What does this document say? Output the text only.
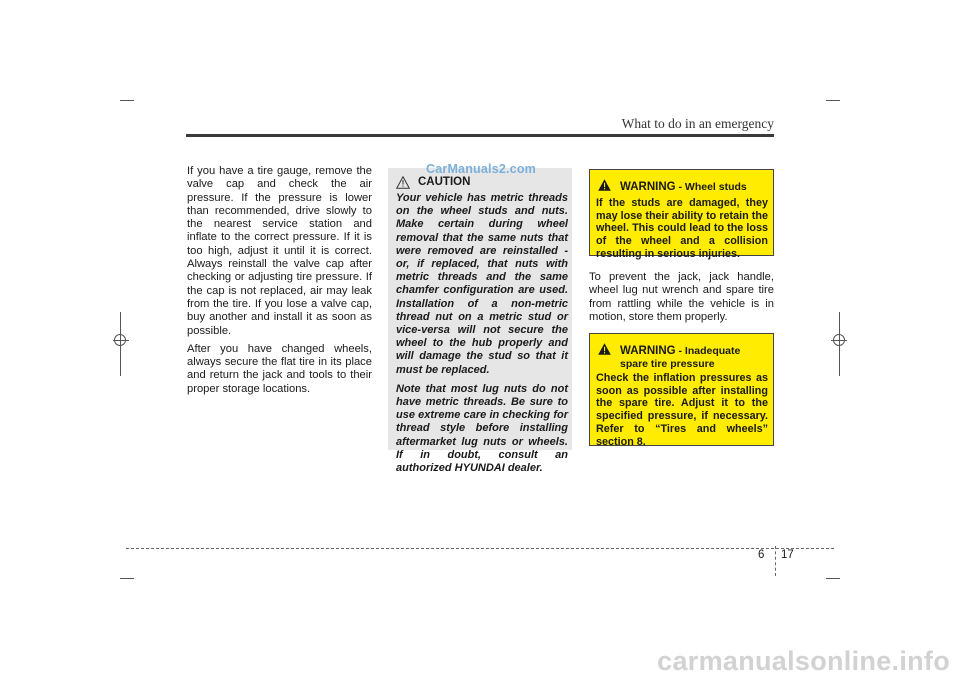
What to do in an emergency

If you have a tire gauge, remove the valve cap and check the air pressure. If the pressure is lower than recommended, drive slowly to the nearest service station and inflate to the correct pressure. If it is too high, adjust it until it is correct. Always reinstall the valve cap after checking or adjusting tire pressure. If the cap is not replaced, air may leak from the tire. If you lose a valve cap, buy another and install it as soon as possible.

After you have changed wheels, always secure the flat tire in its place and return the jack and tools to their proper storage locations.

CAUTION

Your vehicle has metric threads on the wheel studs and nuts. Make certain during wheel removal that the same nuts that were removed are reinstalled - or, if replaced, that nuts with metric threads and the same chamfer configuration are used. Installation of a non-metric thread nut on a metric stud or vice-versa will not secure the wheel to the hub properly and will damage the stud so that it must be replaced.

Note that most lug nuts do not have metric threads. Be sure to use extreme care in checking for thread style before installing aftermarket lug nuts or wheels. If in doubt, consult an authorized HYUNDAI dealer.

CarManuals2.com
WARNING - Wheel studs

If the studs are damaged, they may lose their ability to retain the wheel. This could lead to the loss of the wheel and a collision resulting in serious injuries.

To prevent the jack, jack handle, wheel lug nut wrench and spare tire from rattling while the vehicle is in motion, store them properly.

WARNING - Inadequate
spare tire pressure

Check the inflation pressures as soon as possible after installing the spare tire. Adjust it to the specified pressure, if necessary. Refer to “Tires and wheels” section 8.

6 17
carmanualsonline.info
